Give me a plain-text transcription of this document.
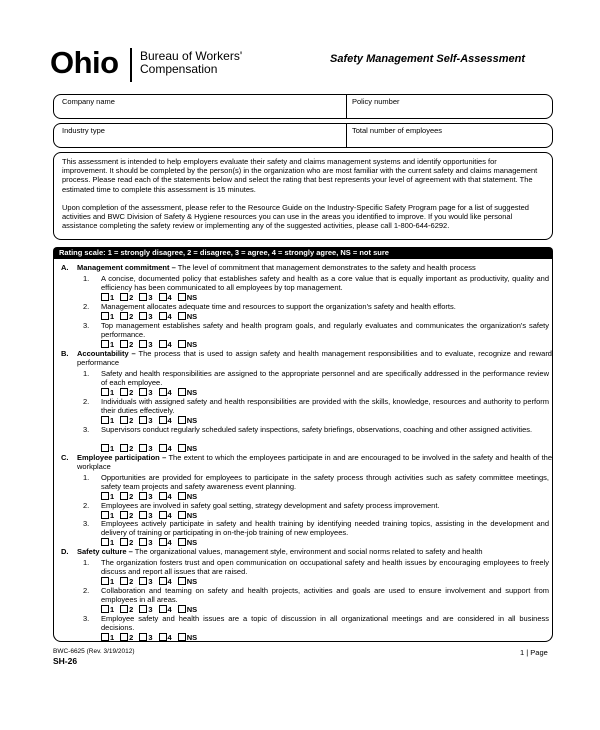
Ohio Bureau of Workers'
Compensation
Safety Management Self-Assessment
Company name	Policy number
Industry type	Total number of employees

This assessment is intended to help employers evaluate their safety and claims management systems and identify opportunities for improvement. It should be completed by the person(s) in the organization who are most familiar with the current safety and claims management process. Please read each of the statements below and select the rating that best represents your level of agreement with that statement. The estimated time to complete this assessment is 15 minutes.

Upon completion of the assessment, please refer to the Resource Guide on the Industry-Specific Safety Program page for a list of suggested activities and BWC Division of Safety & Hygiene resources you can use in the areas you identified to improve. If you would like personal assistance completing the safety review or implementing any of the suggested activities, please call 1-800-644-6292.

Rating scale: 1 = strongly disagree, 2 = disagree, 3 = agree, 4 = strongly agree, NS = not sure
A. Management commitment – The level of commitment that management demonstrates to the safety and health process
1. A concise, documented policy that establishes safety and health as a core value that is equally important as productivity, quality and efficiency has been communicated to all employees by top management.
1 2 3 4 NS
2. Management allocates adequate time and resources to support the organization's safety and health efforts.
1 2 3 4 NS
3. Top management establishes safety and health program goals, and regularly evaluates and communicates the organization's safety performance.
1 2 3 4 NS
B. Accountability – The process that is used to assign safety and health management responsibilities and to evaluate, recognize and reward performance
1. Safety and health responsibilities are assigned to the appropriate personnel and are specifically addressed in the performance review of each employee.
1 2 3 4 NS
2. Individuals with assigned safety and health responsibilities are provided with the skills, knowledge, resources and authority to perform their duties effectively.
1 2 3 4 NS
3. Supervisors conduct regularly scheduled safety inspections, safety briefings, observations, coaching and other assigned activities.
1 2 3 4 NS
C. Employee participation – The extent to which the employees participate in and are encouraged to be involved in the safety and health of the workplace
1. Opportunities are provided for employees to participate in the safety process through activities such as safety committee meetings, safety team projects and safety awareness event planning.
1 2 3 4 NS
2. Employees are involved in safety goal setting, strategy development and safety process improvement.
1 2 3 4 NS
3. Employees actively participate in safety and health training by identifying needed training topics, assisting in the development and delivery of training or participating in on-the-job training of new employees.
1 2 3 4 NS
D. Safety culture – The organizational values, management style, environment and social norms related to safety and health
1. The organization fosters trust and open communication on occupational safety and health issues by encouraging employees to freely discuss and report all issues that are raised.
1 2 3 4 NS
2. Collaboration and teaming on safety and health projects, activities and goals are used to ensure involvement and support from employees in all areas.
1 2 3 4 NS
3. Employee safety and health issues are a topic of discussion in all organizational meetings and are considered in all business decisions.
1 2 3 4 NS
BWC-6625 (Rev. 3/19/2012)
SH-26
1 | Page
